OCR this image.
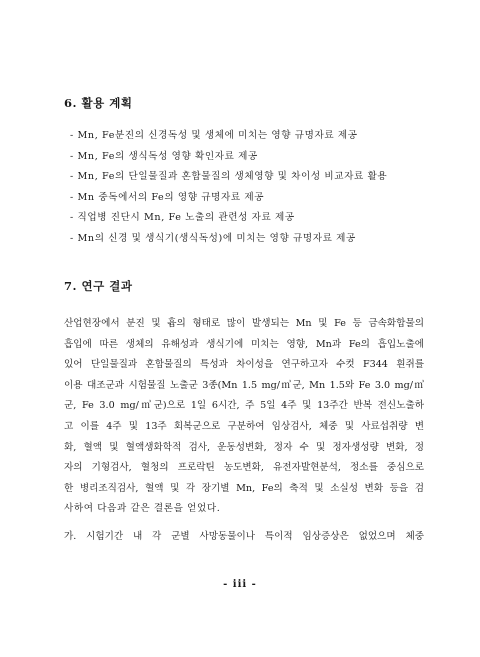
6. 활용 계획
- Mn, Fe분진의 신경독성 및 생체에 미치는 영향 규명자료 제공
- Mn, Fe의 생식독성 영향 확인자료 제공
- Mn, Fe의 단일물질과 혼합물질의 생체영향 및 차이성 비교자료 활용
- Mn 중독에서의 Fe의 영향 규명자료 제공
- 직업병 진단시 Mn, Fe 노출의 관련성 자료 제공
- Mn의 신경 및 생식기(생식독성)에 미치는 영향 규명자료 제공
7. 연구 결과
산업현장에서 분진 및 흄의 형태로 많이 발생되는 Mn 및 Fe 등 금속화합물의
흡입에 따른 생체의 유해성과 생식기에 미치는 영향, Mn과 Fe의 흡입노출에
있어 단일물질과 혼합물질의 특성과 차이성을 연구하고자 수컷 F344 흰쥐를
이용 대조군과 시험물질 노출군 3종(Mn 1.5 mg/㎥군, Mn 1.5와 Fe 3.0 mg/㎥
군, Fe 3.0 mg/㎥군)으로 1일 6시간, 주 5일 4주 및 13주간 반복 전신노출하
고 이를 4주 및 13주 회복군으로 구분하여 임상검사, 체중 및 사료섭취량 변
화, 혈액 및 혈액생화학적 검사, 운동성변화, 정자 수 및 정자생성량 변화, 정
자의 기형검사, 혈청의 프로락틴 농도변화, 유전자발현분석, 정소를 중심으로
한 병리조직검사, 혈액 및 각 장기별 Mn, Fe의 축적 및 소실성 변화 등을 검
사하여 다음과 같은 결론을 얻었다.
가. 시험기간 내 각 군별 사망동물이나 특이적 임상증상은 없었으며 체중
- iii -
